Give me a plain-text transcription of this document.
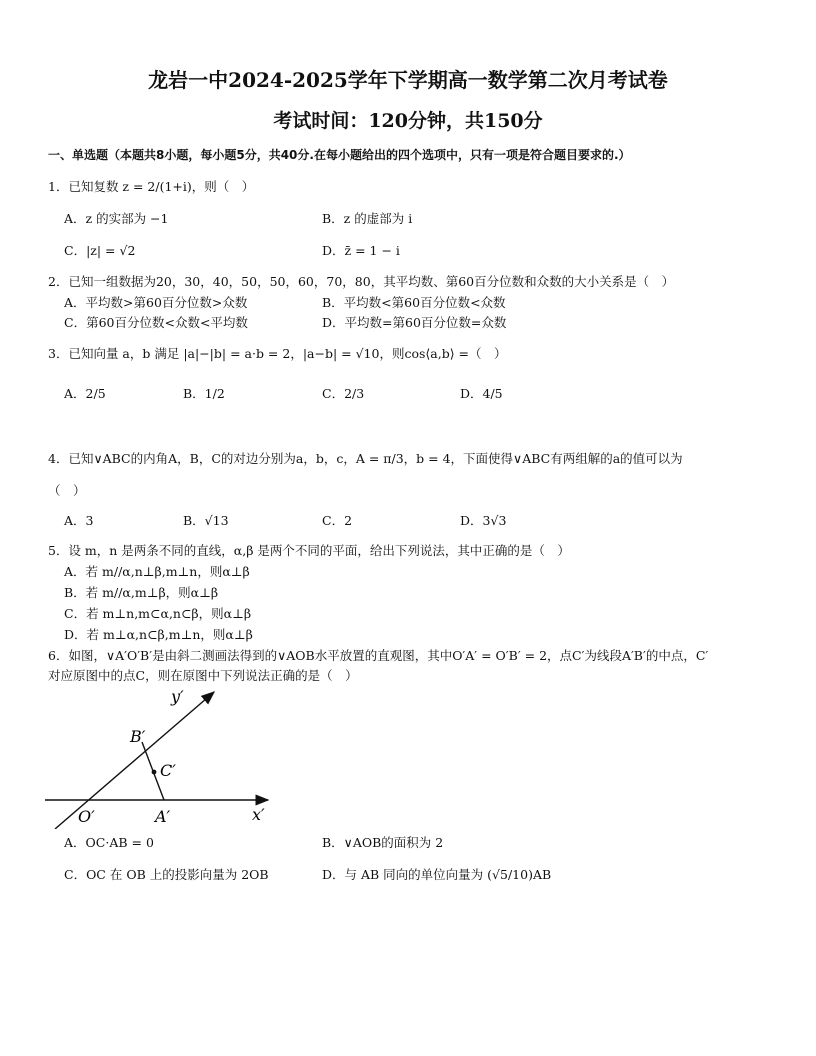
龙岩一中2024-2025学年下学期高一数学第二次月考试卷
考试时间：120分钟，共150分
一、单选题（本题共8小题，每小题5分，共40分.在每小题给出的四个选项中，只有一项是符合题目要求的.）
1．已知复数 z = 2/(1+i)，则（　）
A．z 的实部为 −1	B．z 的虚部为 i
C．|z| = √2	D．z̄ = 1 − i
2．已知一组数据为20，30，40，50，50，60，70，80，其平均数、第60百分位数和众数的大小关系是（　）
A．平均数>第60百分位数>众数	B．平均数<第60百分位数<众数
C．第60百分位数<众数<平均数	D．平均数=第60百分位数=众数
3．已知向量 a，b 满足 |a|−|b| = a·b = 2，|a−b| = √10，则cos⟨a,b⟩ =（　）
A．2/5	B．1/2	C．2/3	D．4/5
4．已知∨ABC的内角A，B，C的对边分别为a，b，c，A = π/3，b = 4，下面使得∨ABC有两组解的a的值可以为
（　）
A．3	B．√13	C．2	D．3√3
5．设 m，n 是两条不同的直线，α,β 是两个不同的平面，给出下列说法，其中正确的是（　）
A．若 m//α,n⊥β,m⊥n，则α⊥β
B．若 m//α,m⊥β，则α⊥β
C．若 m⊥n,m⊂α,n⊂β，则α⊥β
D．若 m⊥α,n⊂β,m⊥n，则α⊥β
6．如图，∨A′O′B′是由斜二测画法得到的∨AOB水平放置的直观图，其中O′A′ = O′B′ = 2，点C′为线段A′B′的中点，C′
对应原图中的点C，则在原图中下列说法正确的是（　）
y′
B′
C′
O′	A′	x′
A．OC·AB = 0	B．∨AOB的面积为 2
C．OC 在 OB 上的投影向量为 2OB	D．与 AB 同向的单位向量为 (√5/10)AB
